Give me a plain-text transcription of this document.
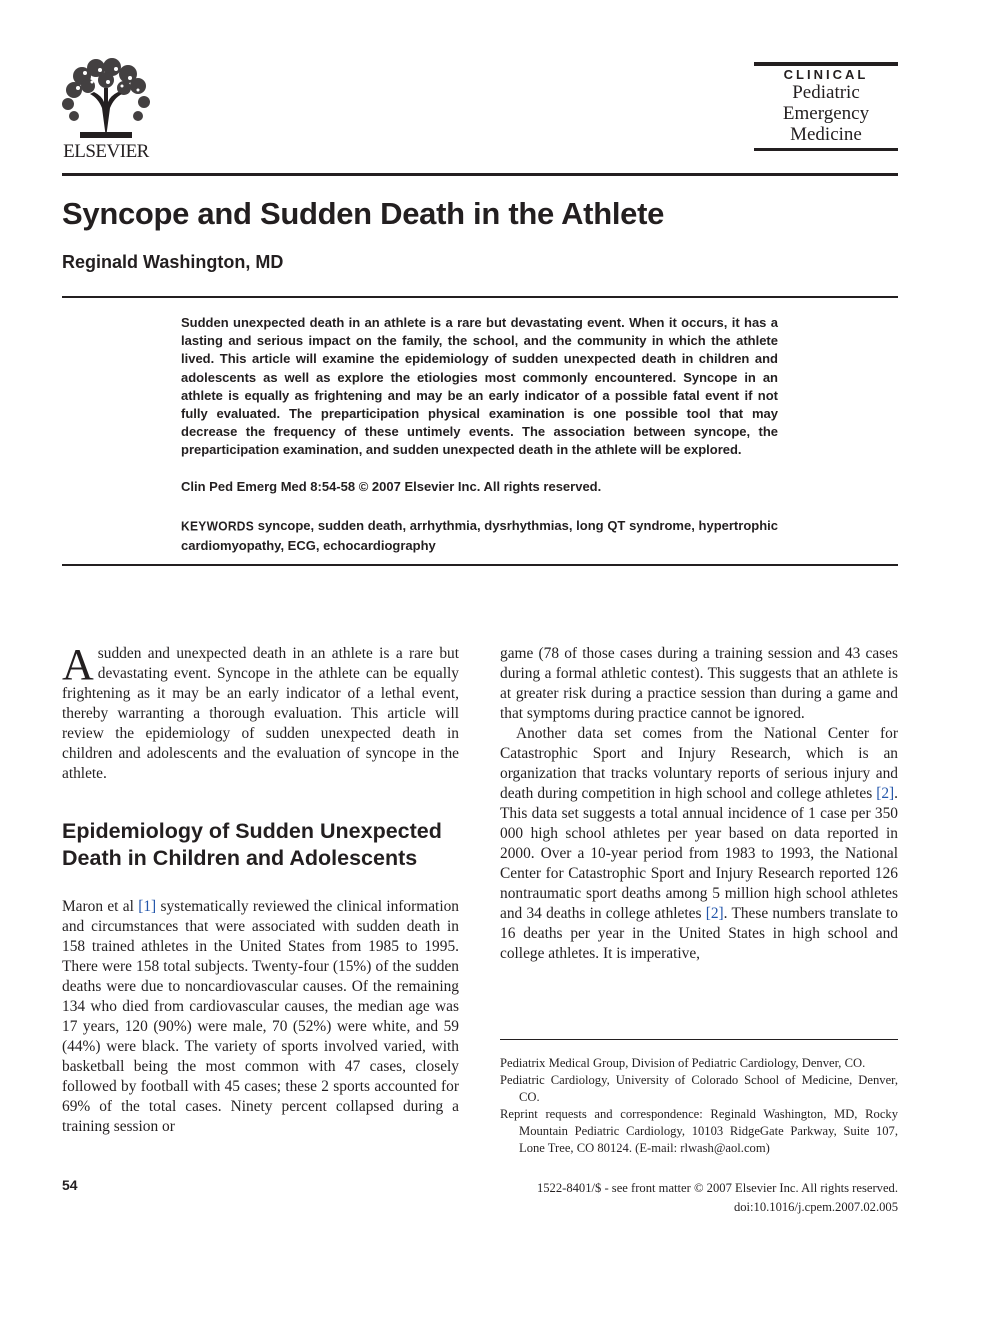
ELSEVIER
CLINICAL
Pediatric
Emergency
Medicine
Syncope and Sudden Death in the Athlete
Reginald Washington, MD
Sudden unexpected death in an athlete is a rare but devastating event. When it occurs, it has a lasting and serious impact on the family, the school, and the community in which the athlete lived. This article will examine the epidemiology of sudden unexpected death in children and adolescents as well as explore the etiologies most commonly encountered. Syncope in an athlete is equally as frightening and may be an early indicator of a possible fatal event if not fully evaluated. The preparticipation physical examination is one possible tool that may decrease the frequency of these untimely events. The association between syncope, the preparticipation examination, and sudden unexpected death in the athlete will be explored.
Clin Ped Emerg Med 8:54-58 © 2007 Elsevier Inc. All rights reserved.
KEYWORDS syncope, sudden death, arrhythmia, dysrhythmias, long QT syndrome, hypertrophic cardiomyopathy, ECG, echocardiography

A sudden and unexpected death in an athlete is a rare but devastating event. Syncope in the athlete can be equally frightening as it may be an early indicator of a lethal event, thereby warranting a thorough evaluation. This article will review the epidemiology of sudden unexpected death in children and adolescents and the evaluation of syncope in the athlete.

Epidemiology of Sudden Unexpected Death in Children and Adolescents

Maron et al [1] systematically reviewed the clinical information and circumstances that were associated with sudden death in 158 trained athletes in the United States from 1985 to 1995. There were 158 total subjects. Twenty-four (15%) of the sudden deaths were due to noncardiovascular causes. Of the remaining 134 who died from cardiovascular causes, the median age was 17 years, 120 (90%) were male, 70 (52%) were white, and 59 (44%) were black. The variety of sports involved varied, with basketball being the most common with 47 cases, closely followed by football with 45 cases; these 2 sports accounted for 69% of the total cases. Ninety percent collapsed during a training session or

game (78 of those cases during a training session and 43 cases during a formal athletic contest). This suggests that an athlete is at greater risk during a practice session than during a game and that symptoms during practice cannot be ignored.

Another data set comes from the National Center for Catastrophic Sport and Injury Research, which is an organization that tracks voluntary reports of serious injury and death during competition in high school and college athletes [2]. This data set suggests a total annual incidence of 1 case per 350 000 high school athletes per year based on data reported in 2000. Over a 10-year period from 1983 to 1993, the National Center for Catastrophic Sport and Injury Research reported 126 nontraumatic sport deaths among 5 million high school athletes and 34 deaths in college athletes [2]. These numbers translate to 16 deaths per year in the United States in high school and college athletes. It is imperative,

Pediatrix Medical Group, Division of Pediatric Cardiology, Denver, CO.

Pediatric Cardiology, University of Colorado School of Medicine, Denver, CO.

Reprint requests and correspondence: Reginald Washington, MD, Rocky Mountain Pediatric Cardiology, 10103 RidgeGate Parkway, Suite 107, Lone Tree, CO 80124. (E-mail: rlwash@aol.com)

54	1522-8401/$ - see front matter © 2007 Elsevier Inc. All rights reserved.
doi:10.1016/j.cpem.2007.02.005
